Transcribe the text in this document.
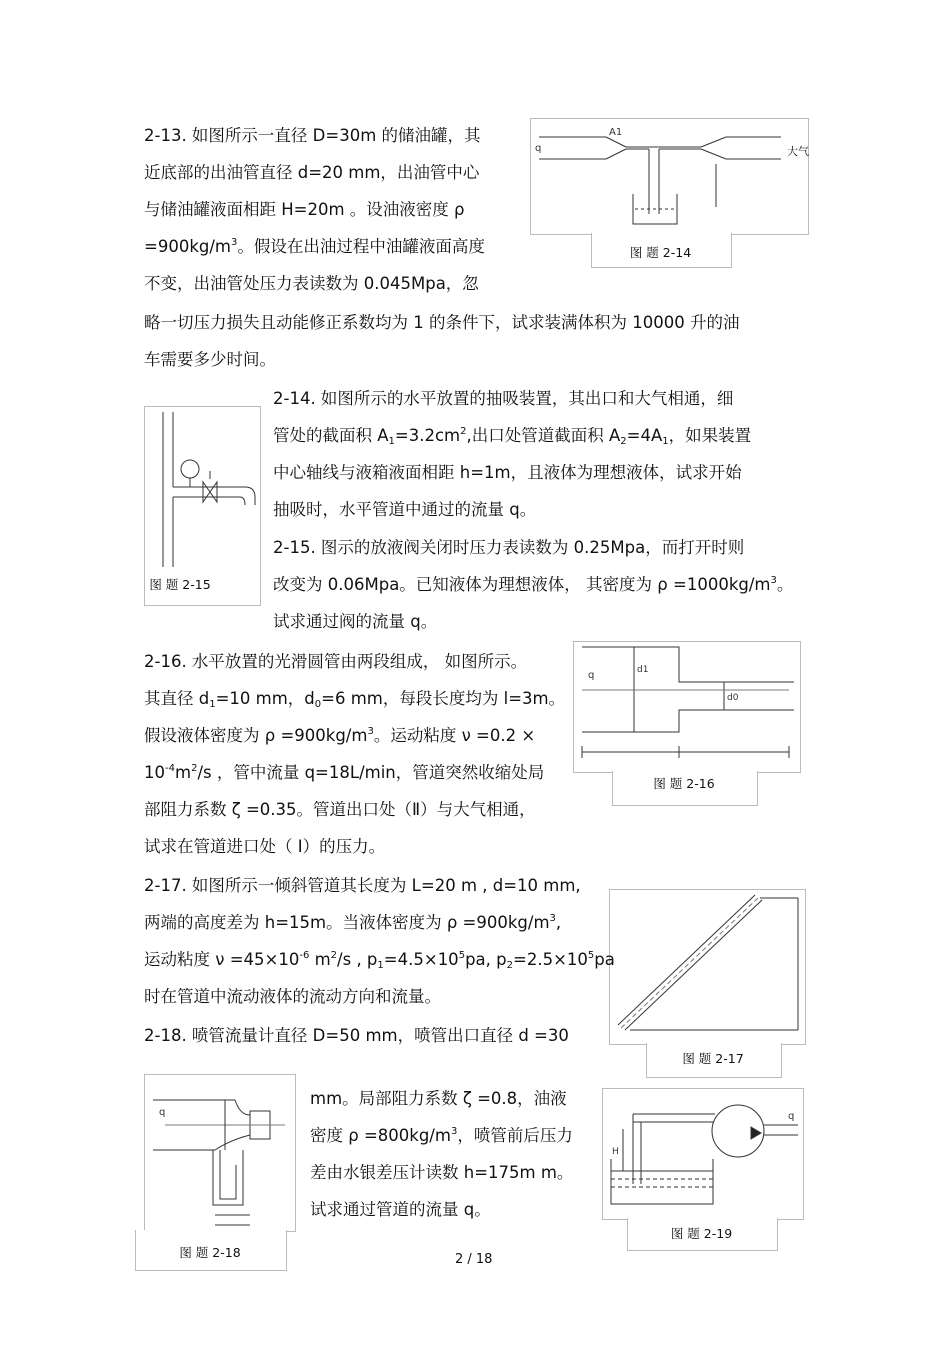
A1
q	大气
图 题 2-14
2-13. 如图所示一直径 D=30m 的储油罐，其
近底部的出油管直径 d=20 mm，出油管中心
与储油罐液面相距 H=20m 。设油液密度 ρ
$=900kg/m^3$。假设在出油过程中油罐液面高度
不变，出油管处压力表读数为 0.045Mpa，忽
略一切压力损失且动能修正系数均为 1 的条件下，试求装满体积为 10000 升的油
车需要多少时间。
图 题 2-15
2-14. 如图所示的水平放置的抽吸装置，其出口和大气相通，细
管处的截面积 $A_1=3.2cm^2$,出口处管道截面积 $A_2=4A_1$，如果装置
中心轴线与液箱液面相距 h=1m，且液体为理想液体，试求开始
抽吸时，水平管道中通过的流量 q。
2-15. 图示的放液阀关闭时压力表读数为 0.25Mpa，而打开时则
改变为 0.06Mpa。已知液体为理想液体， 其密度为 $\rho =1000kg/m^3$。
试求通过阀的流量 q。
q	d1
d0
图 题 2-16
2-16. 水平放置的光滑圆管由两段组成， 如图所示。
其直径 $d_1=10$ mm，$d_0=6$ mm，每段长度均为 l=3m。
假设液体密度为 $\rho =900kg/m^3$。运动粘度 ν =0.2 ×
$10^{-4}m^2/s$ ，管中流量 q=18L/min，管道突然收缩处局
部阻力系数 ζ =0.35。管道出口处（Ⅱ）与大气相通，
试求在管道进口处（ Ⅰ）的压力。
图 题 2-17
2-17. 如图所示一倾斜管道其长度为 L=20 m , d=10 mm,
两端的高度差为 h=15m。当液体密度为 $\rho =900kg/m^3$,
运动粘度 $\nu =45\times 10^{-6}$ $m^2/s$ , $p_1=4.5\times 10^5pa$, $p_2=2.5\times 10^5pa$
时在管道中流动液体的流动方向和流量。
2-18. 喷管流量计直径 D=50 mm，喷管出口直径 d =30
q
图 题 2-18
mm。局部阻力系数 ζ =0.8，油液
密度 $\rho =800kg/m^3$，喷管前后压力
差由水银差压计读数 h=175m m。
试求通过管道的流量 q。
q
H
图 题 2-19
2 / 18
